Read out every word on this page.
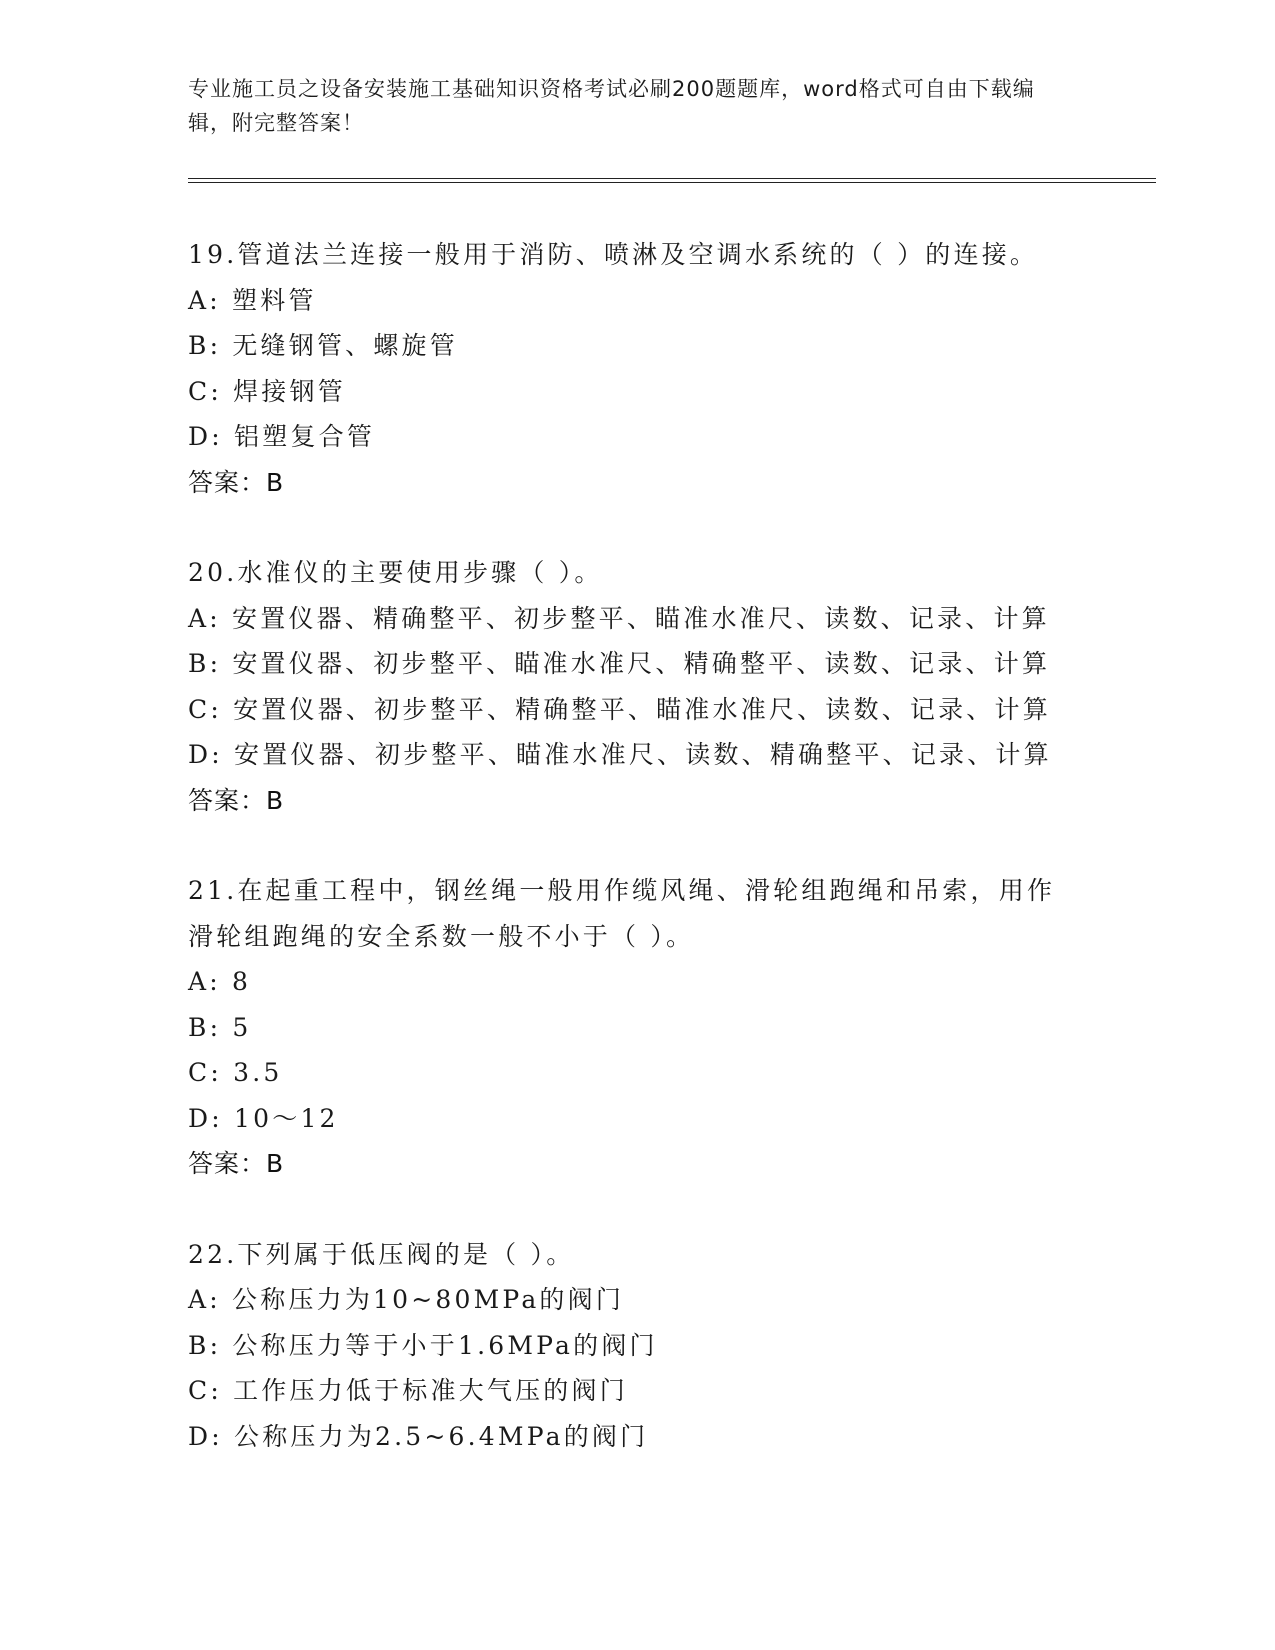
专业施工员之设备安装施工基础知识资格考试必刷200题题库，word格式可自由下载编辑，附完整答案！
19.管道法兰连接一般用于消防、喷淋及空调水系统的（ ）的连接。
A: 塑料管
B: 无缝钢管、螺旋管
C: 焊接钢管
D: 铝塑复合管
答案：B
20.水准仪的主要使用步骤（ ）。
A: 安置仪器、精确整平、初步整平、瞄准水准尺、读数、记录、计算
B: 安置仪器、初步整平、瞄准水准尺、精确整平、读数、记录、计算
C: 安置仪器、初步整平、精确整平、瞄准水准尺、读数、记录、计算
D: 安置仪器、初步整平、瞄准水准尺、读数、精确整平、记录、计算
答案：B
21.在起重工程中，钢丝绳一般用作缆风绳、滑轮组跑绳和吊索，用作滑轮组跑绳的安全系数一般不小于（ ）。
A: 8
B: 5
C: 3.5
D: 10～12
答案：B
22.下列属于低压阀的是（ ）。
A: 公称压力为10~80MPa的阀门
B: 公称压力等于小于1.6MPa的阀门
C: 工作压力低于标准大气压的阀门
D: 公称压力为2.5~6.4MPa的阀门
